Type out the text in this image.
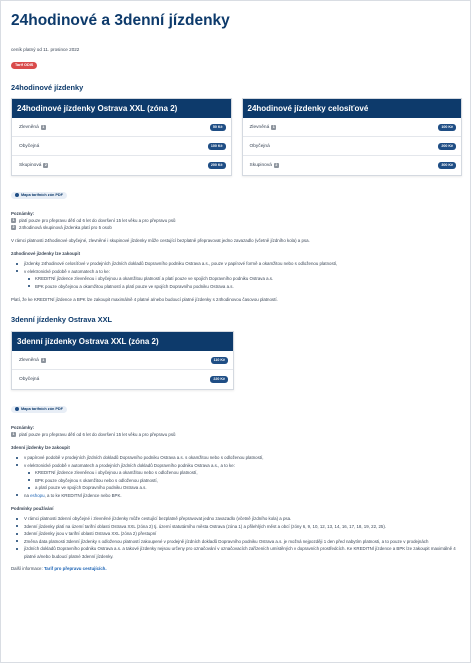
24hodinové a 3denní jízdenky
ceník platný od 11. prosince 2022
Tarif ODIS
24hodinové jízdenky
24hodinové jízdenky Ostrava XXL (zóna 2)
Zlevněná 1	50 Kč
Obyčejná	100 Kč
Skupinová 2	200 Kč
24hodinové jízdenky celosíťové
Zlevněná 1	100 Kč
Obyčejná	200 Kč
Skupinová 2	300 Kč
Mapa tarifních zón PDF
Poznámky:
1	platí pouze pro přepravu dětí od 6 let do dovršení 15 let věku a pro přepravu psů
2	24hodinová skupinová jízdenka platí pro 5 osob
V rámci platnosti 24hodinové obyčejné, zlevněné i skupinové jízdenky může cestující bezplatně přepravovat jedno zavazadlo (včetně jízdního kola) a psa.
24hodinové jízdenky lze zakoupit
jízdenky 24hodinové celosíťové v prodejních jízdních dokladů Dopravního podniku Ostrava a.s., pouze v papírové formě a okamžitou nebo s odloženou platností,
v elektronické podobě v automatech a to ke:
KREDITNÍ jízdence zlevněnou i obyčejnou a okamžitou platností a platí pouze ve spojích Dopravního podniku Ostrava a.s.
BPK pouze obyčejnou a okamžitou platností a platí pouze ve spojích Dopravního podniku Ostrava a.s.
Platí, že ke KREDITNÍ jízdence a BPK lze zakoupit maximálně 4 platné a/nebo budoucí platné jízdenky s 24hodinovou časovou platností.
3denní jízdenky Ostrava XXL
3denní jízdenky Ostrava XXL (zóna 2)
Zlevněná 1	110 Kč
Obyčejná	220 Kč
Mapa tarifních zón PDF
Poznámky:
1	platí pouze pro přepravu dětí od 6 let do dovršení 15 let věku a pro přepravu psů
3denní jízdenky lze zakoupit
v papírové podobě v prodejních jízdních dokladů Dopravního podniku Ostrava a.s. s okamžitou nebo s odloženou platností,
v elektronické podobě v automatech a prodejních jízdních dokladů Dopravního podniku Ostrava a.s., a to ke:
KREDITNÍ jízdence zlevněnou i obyčejnou a okamžitou nebo s odloženou platností,
BPK pouze obyčejnou s okamžitou nebo s odloženou platností,
a platí pouze ve spojích Dopravního podniku Ostrava a.s.
na eshopu, a to ke KREDITNÍ jízdence nebo BPK.
Podmínky používání
V rámci platnosti 3denní obyčejné i zlevněné jízdenky může cestující bezplatně přepravovat jedno zavazadlo (včetně jízdního kola) a psa.
3denní jízdenky platí na území tarifní oblasti Ostrava XXL (zóna 2) tj. území statutárního města Ostrava (zóna 1) a přilehlých měst a obcí (zóny 6, 9, 10, 12, 13, 14, 16, 17, 18, 19, 22, 25).
3denní jízdenky jsou v tarifní oblasti Ostrava XXL (zóna 2) přestupní
Změna data platnosti 3denní jízdenky s odloženou platností zakoupené v prodejně jízdních dokladů Dopravního podniku Ostrava a.s. je možná nejpozději 1 den před nabytím platnosti, a to pouze v prodejnách
jízdních dokladů Dopravního podniku Ostrava a.s. a takové jízdenky nejsou určeny pro označování v označovacích zařízeních umístěných v dopravních prostředcích. Ke KREDITNÍ jízdence a BPK lze zakoupit maximálně 4 platné a/nebo budoucí platné 3denní jízdenky.
Další informace: Tarif pro přepravu cestujících.
